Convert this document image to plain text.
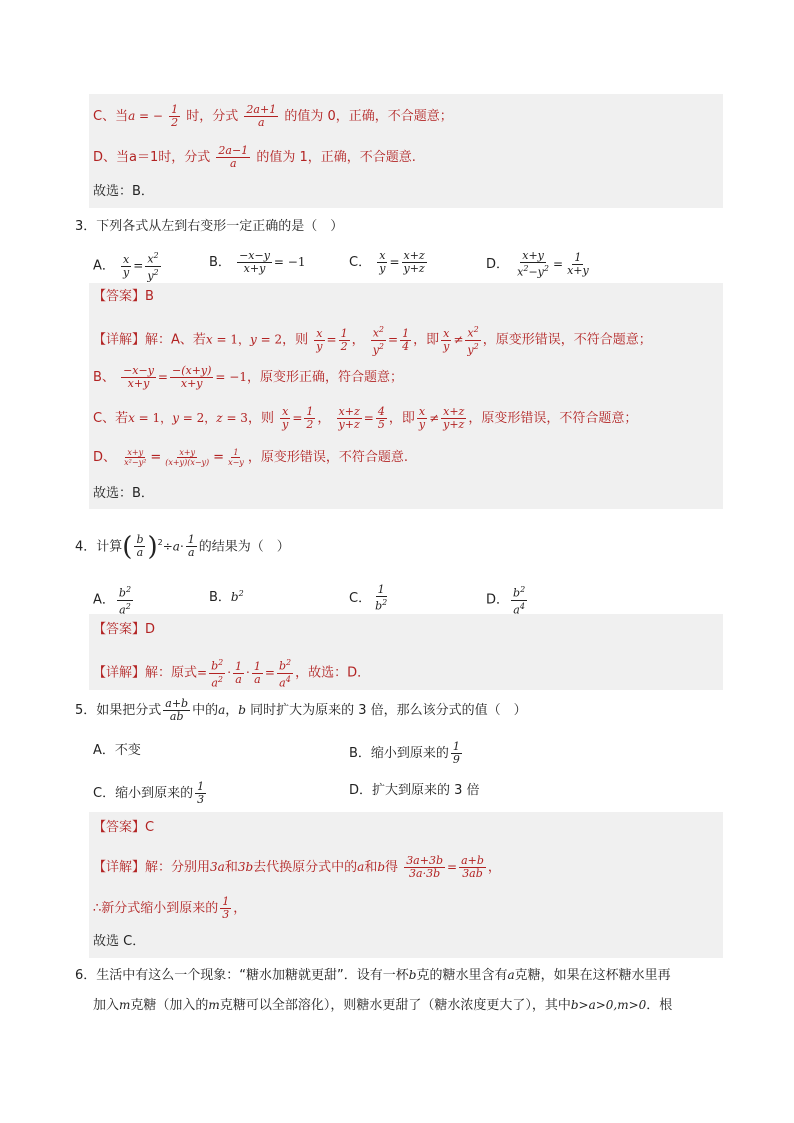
C、当a = − $\frac{1}{2}$ 时，分式 $\frac{2a+1}{a}$ 的值为 0，正确，不合题意；
D、当a＝1时，分式 $\frac{2a-1}{a}$ 的值为 1，正确，不合题意.
故选：B．
3．下列各式从左到右变形一定正确的是（　）
A． $\frac{x}{y} = \frac{x^2}{y^2}$	B． $\frac{-x-y}{x+y} = -1$	C． $\frac{x}{y} = \frac{x+z}{y+z}$	D． $\frac{x+y}{x^2-y^2} = \frac{1}{x+y}$
【答案】B
【详解】解：A、若x = 1，y = 2，则 $\frac{x}{y} = \frac{1}{2}$ ， $\frac{x^2}{y^2} = \frac{1}{4}$ ，即 $\frac{x}{y} \ne \frac{x^2}{y^2}$ ，原变形错误，不符合题意；
B、 $\frac{-x-y}{x+y} = \frac{-(x+y)}{x+y} = -1$，原变形正确，符合题意；
C、若x = 1，y = 2，z = 3，则 $\frac{x}{y} = \frac{1}{2}$ ， $\frac{x+z}{y+z} = \frac{4}{5}$ ，即 $\frac{x}{y} \ne \frac{x+z}{y+z}$ ，原变形错误，不符合题意；
D、 $\frac{x+y}{\text{x²−y²}} = \frac{x+y}{(x+y)(x-y)} = \frac{1}{x-y}$ ，原变形错误，不符合题意.
故选：B．
4．计算( $\frac{b}{a} )^2\div a\cdot \frac{1}{a}$ 的结果为（　）
A． $\frac{b^2}{a^2}$	B．$b^2$	C． $\frac{1}{b^2}$	D． $\frac{b^2}{a^4}$
【答案】D
【详解】解：原式= $\frac{b^2}{a^2} \cdot \frac{1}{a} \cdot \frac{1}{a} = \frac{b^2}{a^4}$ ，故选：D．
5．如果把分式 $\frac{a+b}{ab}$ 中的a，b 同时扩大为原来的 3 倍，那么该分式的值（　）
A．不变	B．缩小到原来的 $\frac{1}{9}$
C．缩小到原来的 $\frac{1}{3}$	D．扩大到原来的 3 倍
【答案】C
【详解】解：分别用3a和3b去代换原分式中的a和b得 $\frac{3a+3b}{3a\cdot 3b} = \frac{a+b}{3ab}$ ，
∴新分式缩小到原来的 $\frac{1}{3}$ ，
故选 C．
6．生活中有这么一个现象：“糖水加糖就更甜”．设有一杯b克的糖水里含有a克糖，如果在这杯糖水里再
加入m克糖（加入的m克糖可以全部溶化），则糖水更甜了（糖水浓度更大了），其中b>a>0,m>0．根
